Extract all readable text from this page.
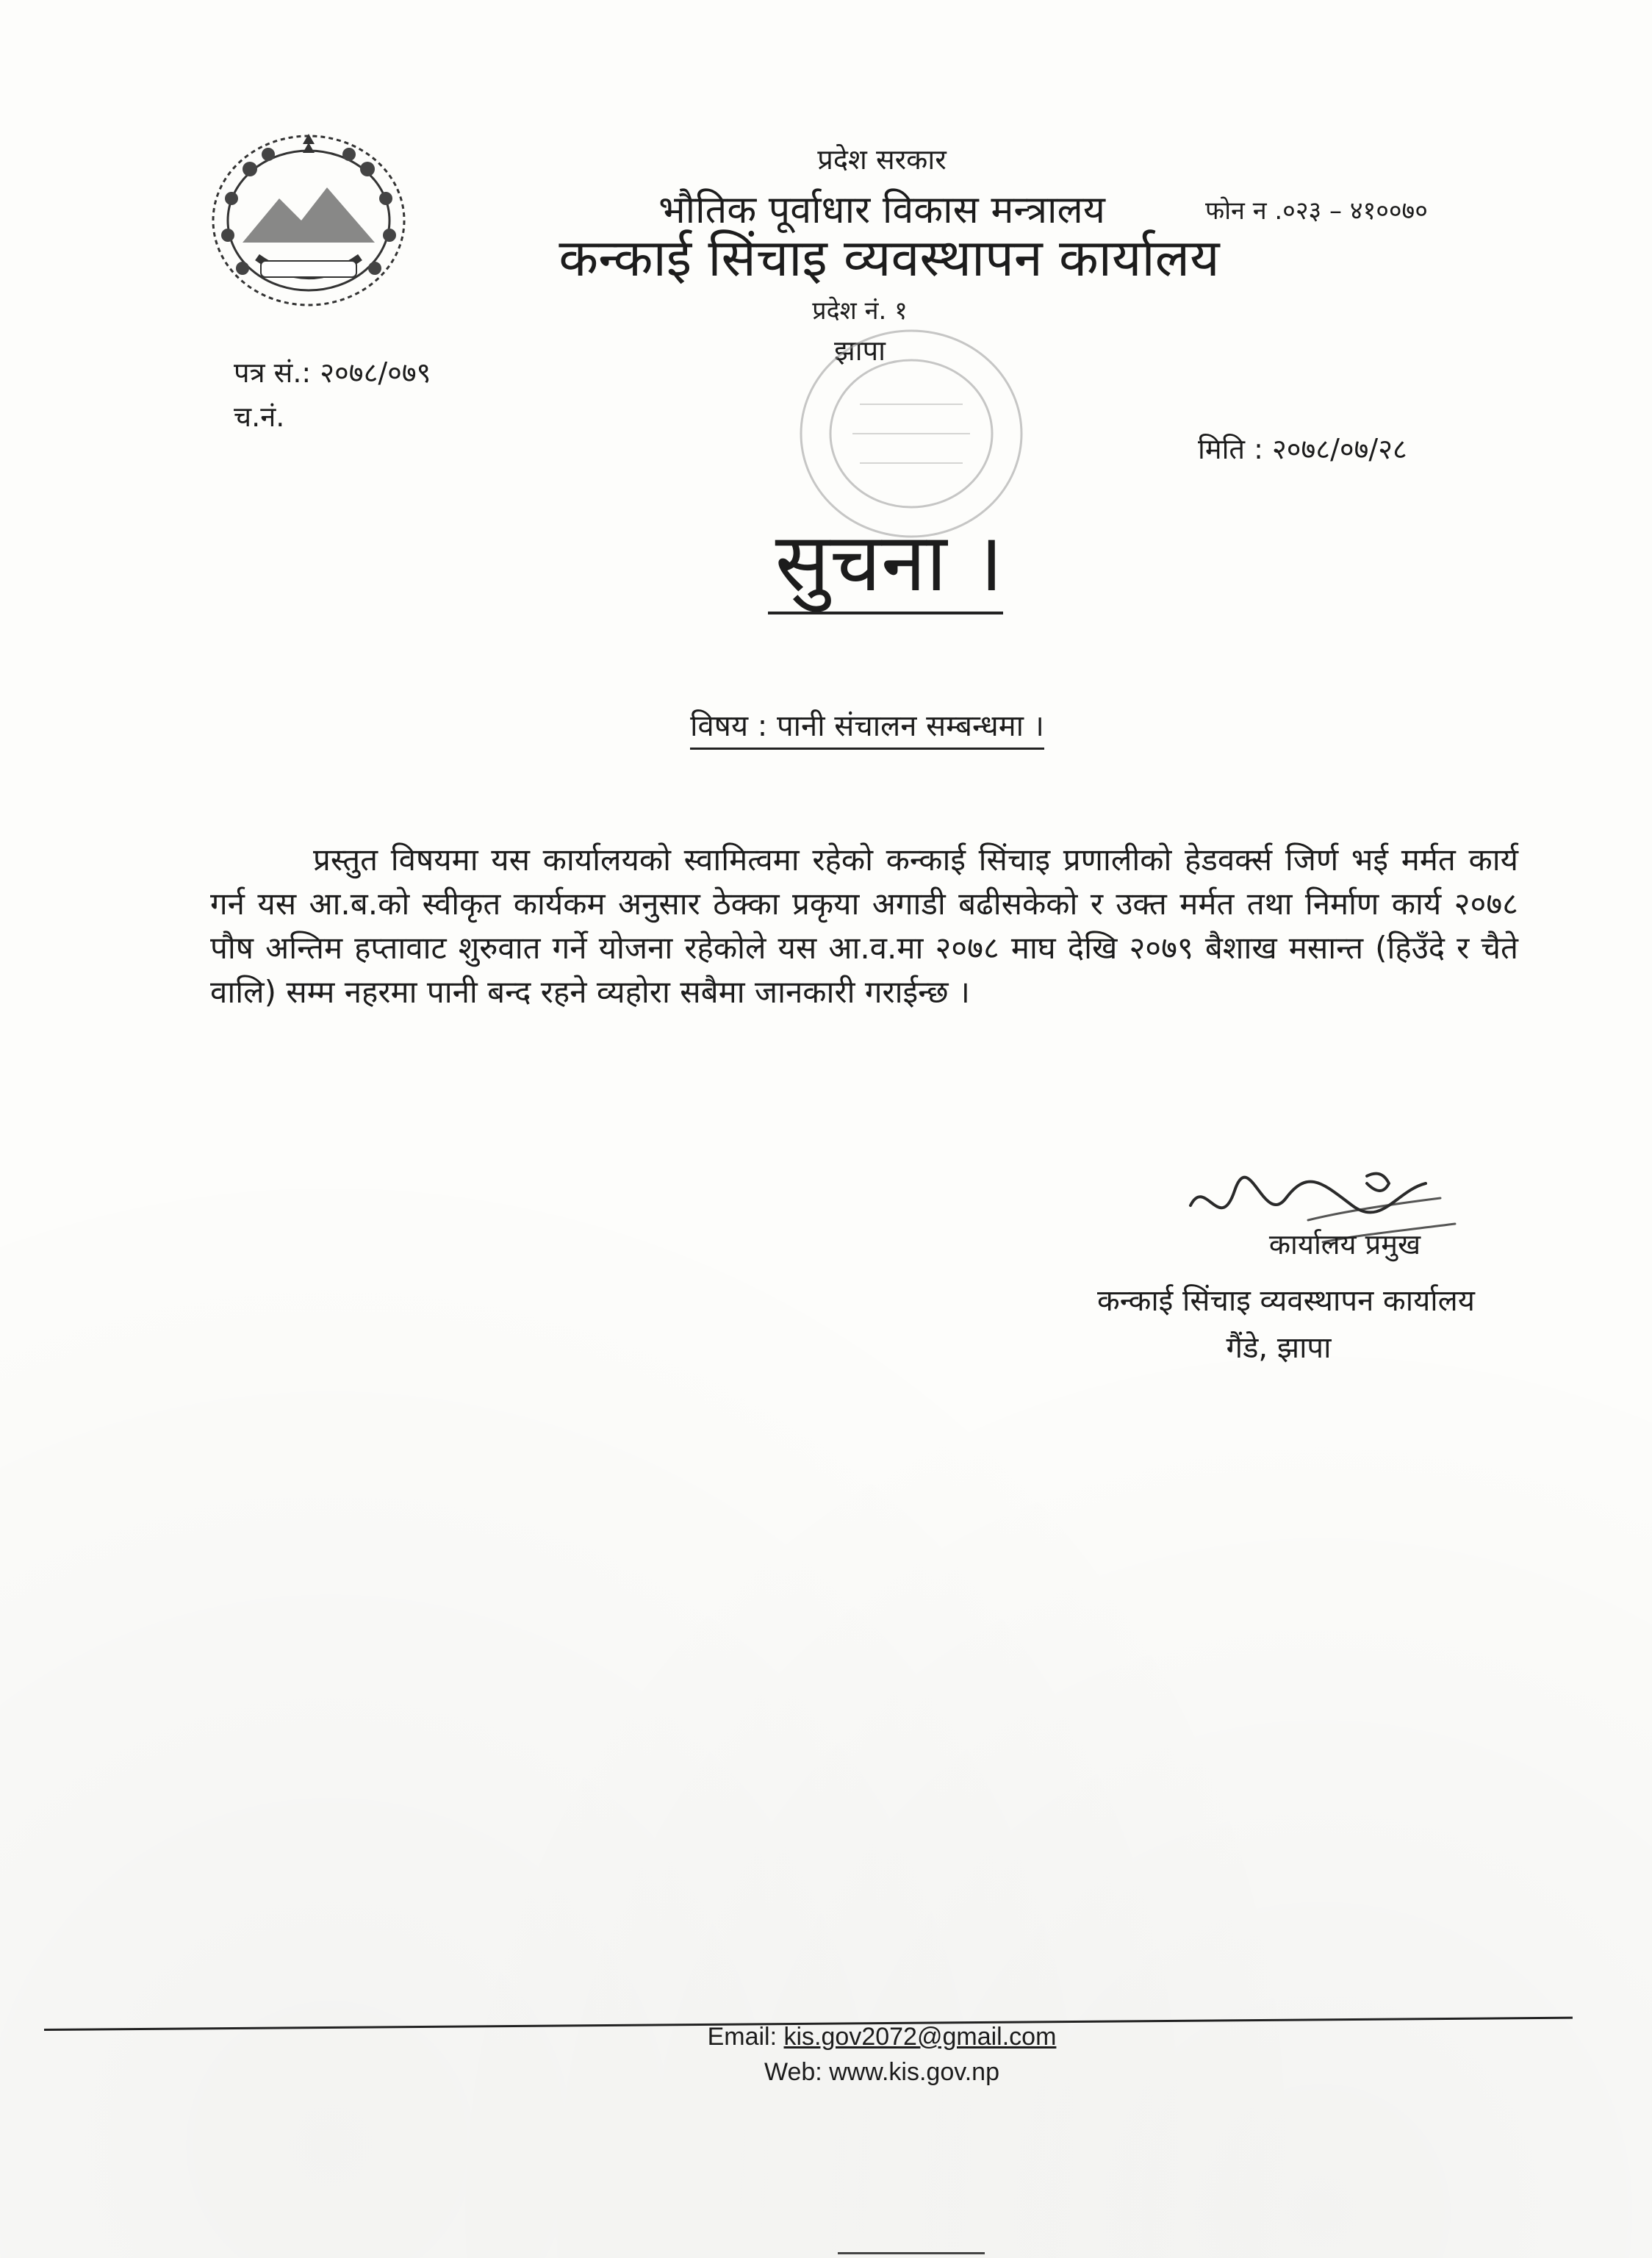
प्रदेश सरकार
भौतिक पूर्वाधार विकास मन्त्रालय
कन्काई सिंचाइ व्यवस्थापन कार्यालय
प्रदेश नं. १
झापा
फोन न .०२३ – ४१००७०
पत्र सं.: २०७८/०७९
च.नं.
मिति : २०७८/०७/२८
सुचना ।
विषय : पानी संचालन सम्बन्धमा ।
प्रस्तुत विषयमा यस कार्यालयको स्वामित्वमा रहेको कन्काई सिंचाइ प्रणालीको हेडवर्क्स जिर्ण भई मर्मत कार्य गर्न यस आ.ब.को स्वीकृत कार्यकम अनुसार ठेक्का प्रकृया अगाडी बढीसकेको र उक्त मर्मत तथा निर्माण कार्य २०७८ पौष अन्तिम हप्तावाट शुरुवात गर्ने योजना रहेकोले यस आ.व.मा २०७८ माघ देखि २०७९ बैशाख मसान्त (हिउँदे र चैते वालि) सम्म नहरमा पानी बन्द रहने व्यहोरा सबैमा जानकारी गराईन्छ ।
कार्यालय प्रमुख
कन्काई सिंचाइ व्यवस्थापन कार्यालय
गैंडे, झापा
Email: kis.gov2072@gmail.com
Web: www.kis.gov.np
